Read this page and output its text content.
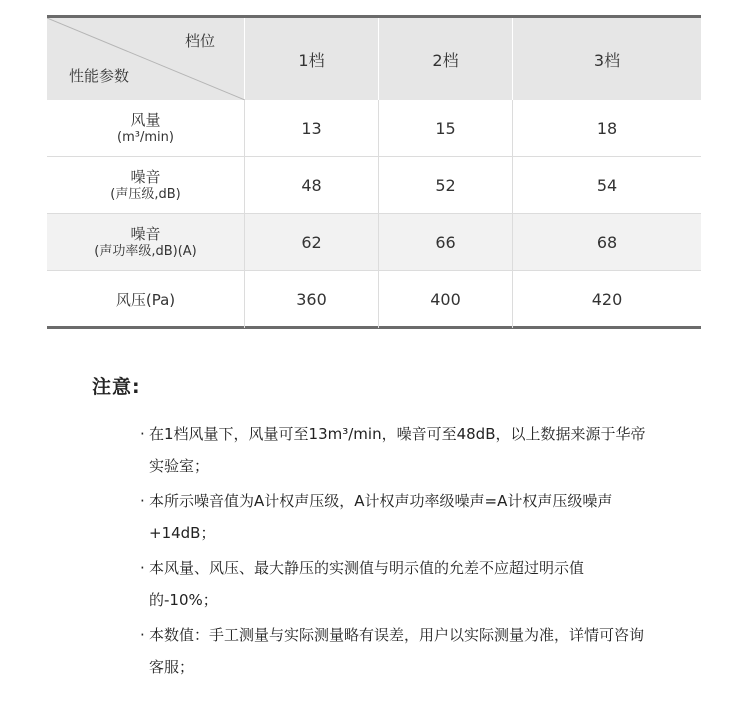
档位
性能参数
1档	2档	3档
风量
(m³/min)	13	15	18
噪音
(声压级,dB)	48	52	54
噪音
(声功率级,dB)(A)	62	66	68
风压(Pa)	360	400	420
注意:
· 在1档风量下，风量可至13m³/min，噪音可至48dB，以上数据来源于华帝实验室；
· 本所示噪音值为A计权声压级，A计权声功率级噪声=A计权声压级噪声+14dB；
· 本风量、风压、最大静压的实测值与明示值的允差不应超过明示值的-10%；
· 本数值：手工测量与实际测量略有误差，用户以实际测量为准，详情可咨询客服；
